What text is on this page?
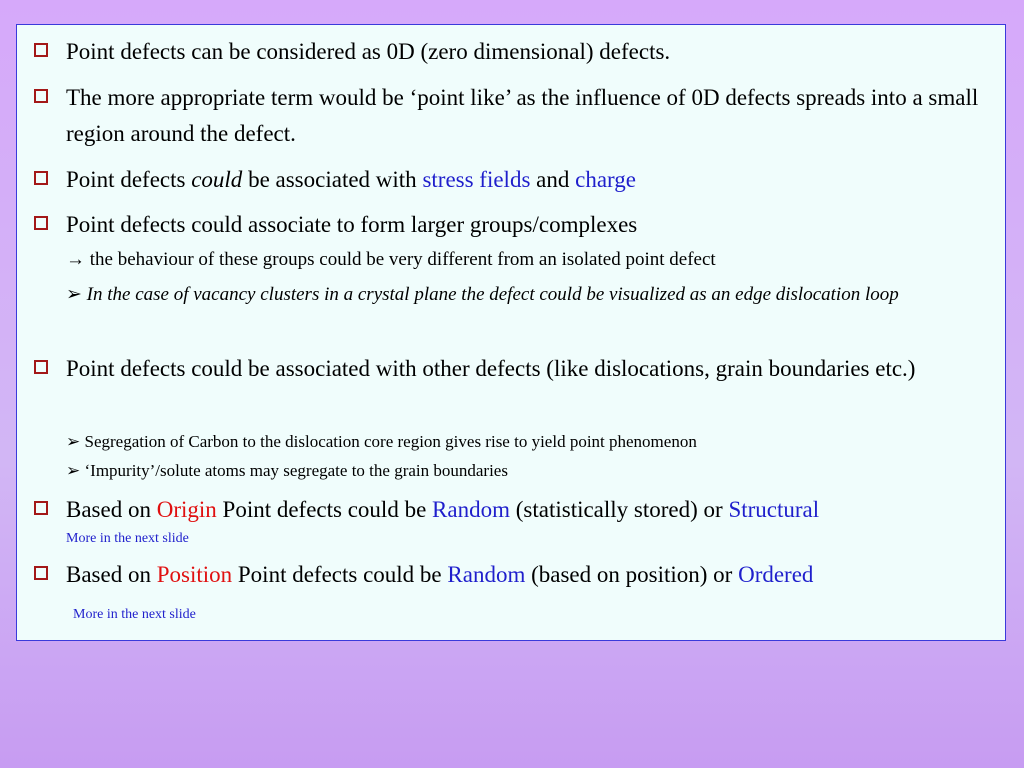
Point defects can be considered as 0D (zero dimensional) defects.
The more appropriate term would be ‘point like’ as the influence of 0D defects spreads into a small region around the defect.
Point defects could be associated with stress fields and charge
Point defects could associate to form larger groups/complexes
→ the behaviour of these groups could be very different from an isolated point defect
➢ In the case of vacancy clusters in a crystal plane the defect could be visualized as an edge dislocation loop
Point defects could be associated with other defects (like dislocations, grain boundaries etc.)
➢ Segregation of Carbon to the dislocation core region gives rise to yield point phenomenon
➢ ‘Impurity’/solute atoms may segregate to the grain boundaries
Based on Origin Point defects could be Random (statistically stored) or Structural
More in the next slide
Based on Position Point defects could be Random (based on position) or Ordered
More in the next slide
